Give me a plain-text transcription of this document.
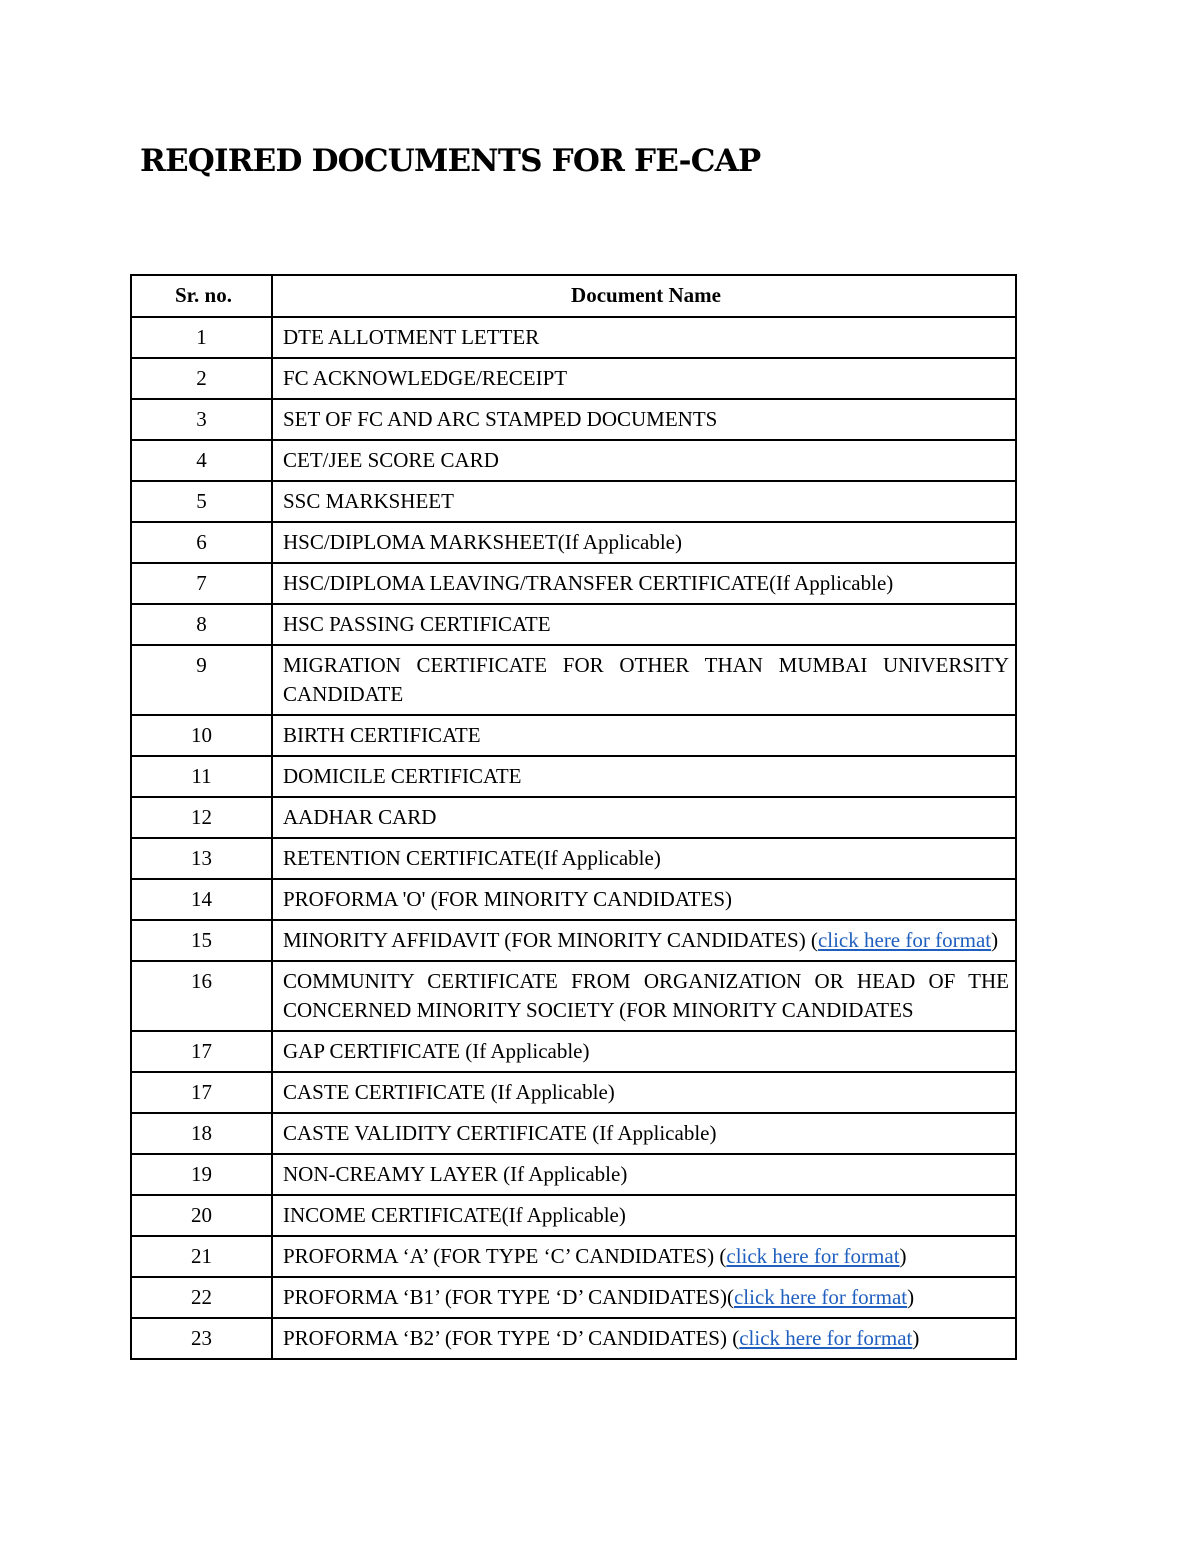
REQIRED DOCUMENTS FOR FE-CAP
Sr. no.	Document Name
1	DTE ALLOTMENT LETTER
2	FC ACKNOWLEDGE/RECEIPT
3	SET OF FC AND ARC STAMPED DOCUMENTS
4	CET/JEE SCORE CARD
5	SSC MARKSHEET
6	HSC/DIPLOMA MARKSHEET(If Applicable)
7	HSC/DIPLOMA LEAVING/TRANSFER CERTIFICATE(If Applicable)
8	HSC PASSING CERTIFICATE
9	MIGRATION CERTIFICATE FOR OTHER THAN MUMBAI UNIVERSITY CANDIDATE
10	BIRTH CERTIFICATE
11	DOMICILE CERTIFICATE
12	AADHAR CARD
13	RETENTION CERTIFICATE(If Applicable)
14	PROFORMA 'O' (FOR MINORITY CANDIDATES)
15	MINORITY AFFIDAVIT (FOR MINORITY CANDIDATES) (click here for format)
16	COMMUNITY CERTIFICATE FROM ORGANIZATION OR HEAD OF THE CONCERNED MINORITY SOCIETY (FOR MINORITY CANDIDATES
17	GAP CERTIFICATE (If Applicable)
17	CASTE CERTIFICATE (If Applicable)
18	CASTE VALIDITY CERTIFICATE (If Applicable)
19	NON-CREAMY LAYER (If Applicable)
20	INCOME CERTIFICATE(If Applicable)
21	PROFORMA ‘A’ (FOR TYPE ‘C’ CANDIDATES) (click here for format)
22	PROFORMA ‘B1’ (FOR TYPE ‘D’ CANDIDATES)(click here for format)
23	PROFORMA ‘B2’ (FOR TYPE ‘D’ CANDIDATES) (click here for format)
